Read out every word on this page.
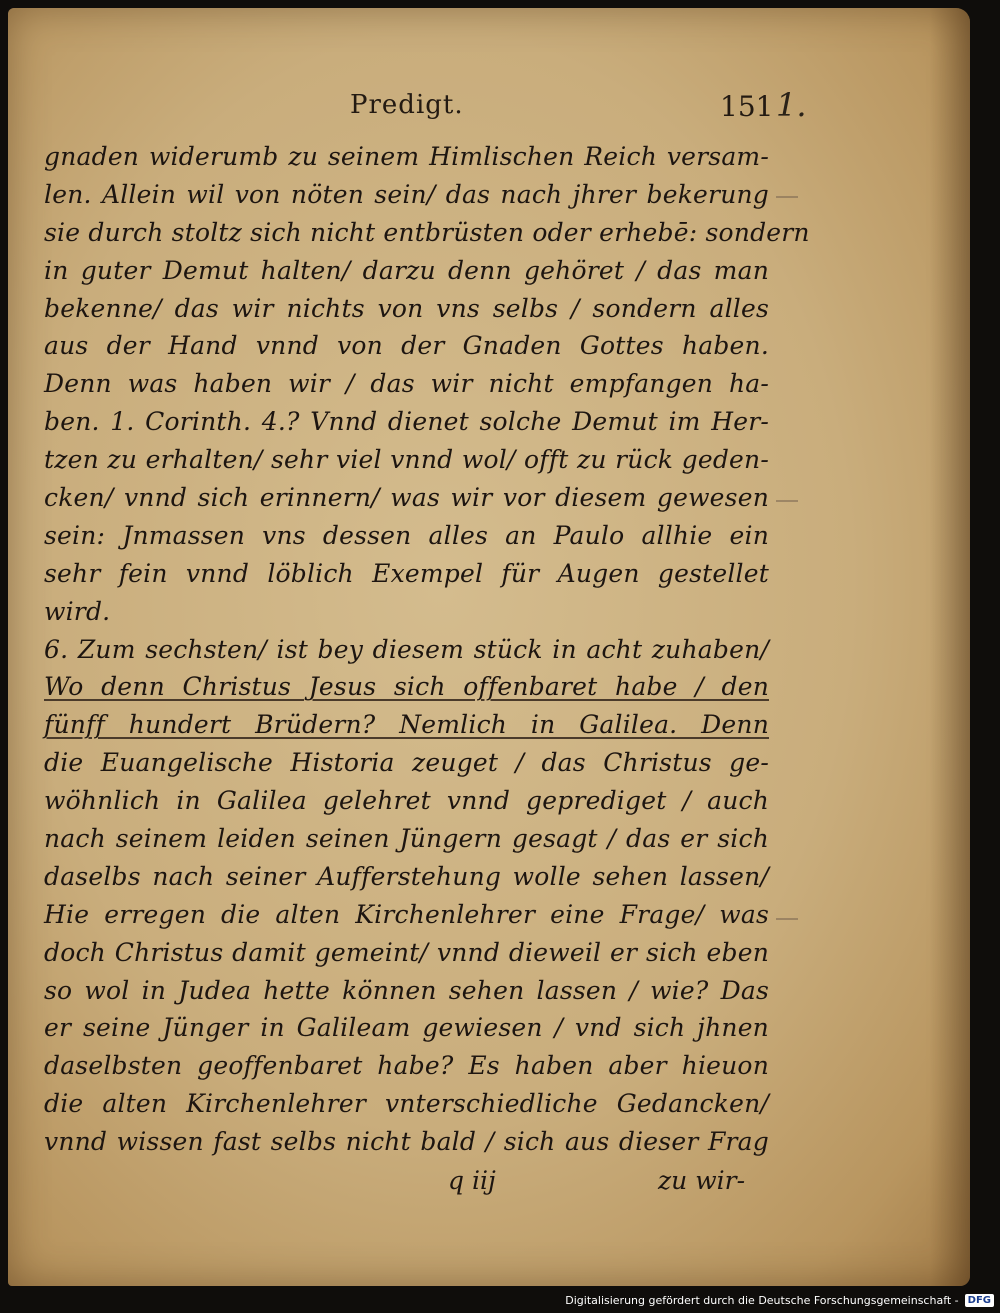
Predigt.	151 1.
gnaden widerumb zu seinem Himlischen Reich versam-
len. Allein wil von nöten sein/ das nach jhrer bekerung
sie durch stoltz sich nicht entbrüsten oder erhebē: sondern
in guter Demut halten/ darzu denn gehöret / das man
bekenne/ das wir nichts von vns selbs / sondern alles
aus der Hand vnnd von der Gnaden Gottes haben.
Denn was haben wir / das wir nicht empfangen ha-
ben. 1. Corinth. 4.? Vnnd dienet solche Demut im Her-
tzen zu erhalten/ sehr viel vnnd wol/ offt zu rück geden-
cken/ vnnd sich erinnern/ was wir vor diesem gewesen
sein: Jnmassen vns dessen alles an Paulo allhie ein
sehr fein vnnd löblich Exempel für Augen gestellet
wird.
6. Zum sechsten/ ist bey diesem stück in acht zuhaben/
Wo denn Christus Jesus sich offenbaret habe / den
fünff hundert Brüdern? Nemlich in Galilea. Denn
die Euangelische Historia zeuget / das Christus ge-
wöhnlich in Galilea gelehret vnnd geprediget / auch
nach seinem leiden seinen Jüngern gesagt / das er sich
daselbs nach seiner Aufferstehung wolle sehen lassen/
Hie erregen die alten Kirchenlehrer eine Frage/ was
doch Christus damit gemeint/ vnnd dieweil er sich eben
so wol in Judea hette können sehen lassen / wie? Das
er seine Jünger in Galileam gewiesen / vnd sich jhnen
daselbsten geoffenbaret habe? Es haben aber hieuon
die alten Kirchenlehrer vnterschiedliche Gedancken/
vnnd wissen fast selbs nicht bald / sich aus dieser Frag
q iij	zu wir-
Digitalisierung gefördert durch die Deutsche Forschungsgemeinschaft - DFG
